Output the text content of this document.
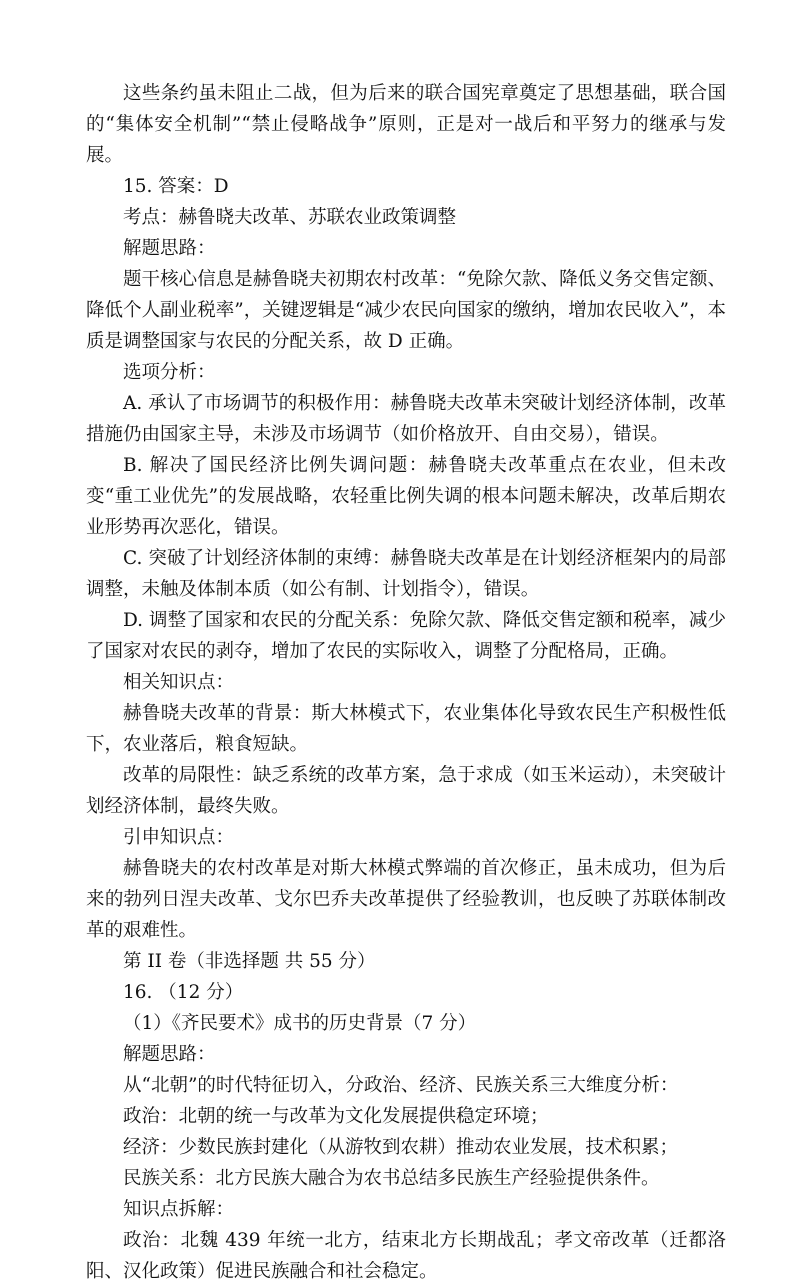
这些条约虽未阻止二战，但为后来的联合国宪章奠定了思想基础，联合国的“集体安全机制”“禁止侵略战争”原则，正是对一战后和平努力的继承与发展。

15. 答案：D

考点：赫鲁晓夫改革、苏联农业政策调整

解题思路：

题干核心信息是赫鲁晓夫初期农村改革：“免除欠款、降低义务交售定额、降低个人副业税率”，关键逻辑是“减少农民向国家的缴纳，增加农民收入”，本质是调整国家与农民的分配关系，故 D 正确。

选项分析：

A. 承认了市场调节的积极作用：赫鲁晓夫改革未突破计划经济体制，改革措施仍由国家主导，未涉及市场调节（如价格放开、自由交易），错误。

B. 解决了国民经济比例失调问题：赫鲁晓夫改革重点在农业，但未改变“重工业优先”的发展战略，农轻重比例失调的根本问题未解决，改革后期农业形势再次恶化，错误。

C. 突破了计划经济体制的束缚：赫鲁晓夫改革是在计划经济框架内的局部调整，未触及体制本质（如公有制、计划指令），错误。

D. 调整了国家和农民的分配关系：免除欠款、降低交售定额和税率，减少了国家对农民的剥夺，增加了农民的实际收入，调整了分配格局，正确。

相关知识点：

赫鲁晓夫改革的背景：斯大林模式下，农业集体化导致农民生产积极性低下，农业落后，粮食短缺。

改革的局限性：缺乏系统的改革方案，急于求成（如玉米运动），未突破计划经济体制，最终失败。

引申知识点：

赫鲁晓夫的农村改革是对斯大林模式弊端的首次修正，虽未成功，但为后来的勃列日涅夫改革、戈尔巴乔夫改革提供了经验教训，也反映了苏联体制改革的艰难性。

第 II 卷（非选择题 共 55 分）

16. （12 分）

（1）《齐民要术》成书的历史背景（7 分）

解题思路：

从“北朝”的时代特征切入，分政治、经济、民族关系三大维度分析：

政治：北朝的统一与改革为文化发展提供稳定环境；

经济：少数民族封建化（从游牧到农耕）推动农业发展，技术积累；

民族关系：北方民族大融合为农书总结多民族生产经验提供条件。

知识点拆解：

政治：北魏 439 年统一北方，结束北方长期战乱；孝文帝改革（迁都洛阳、汉化政策）促进民族融合和社会稳定。
